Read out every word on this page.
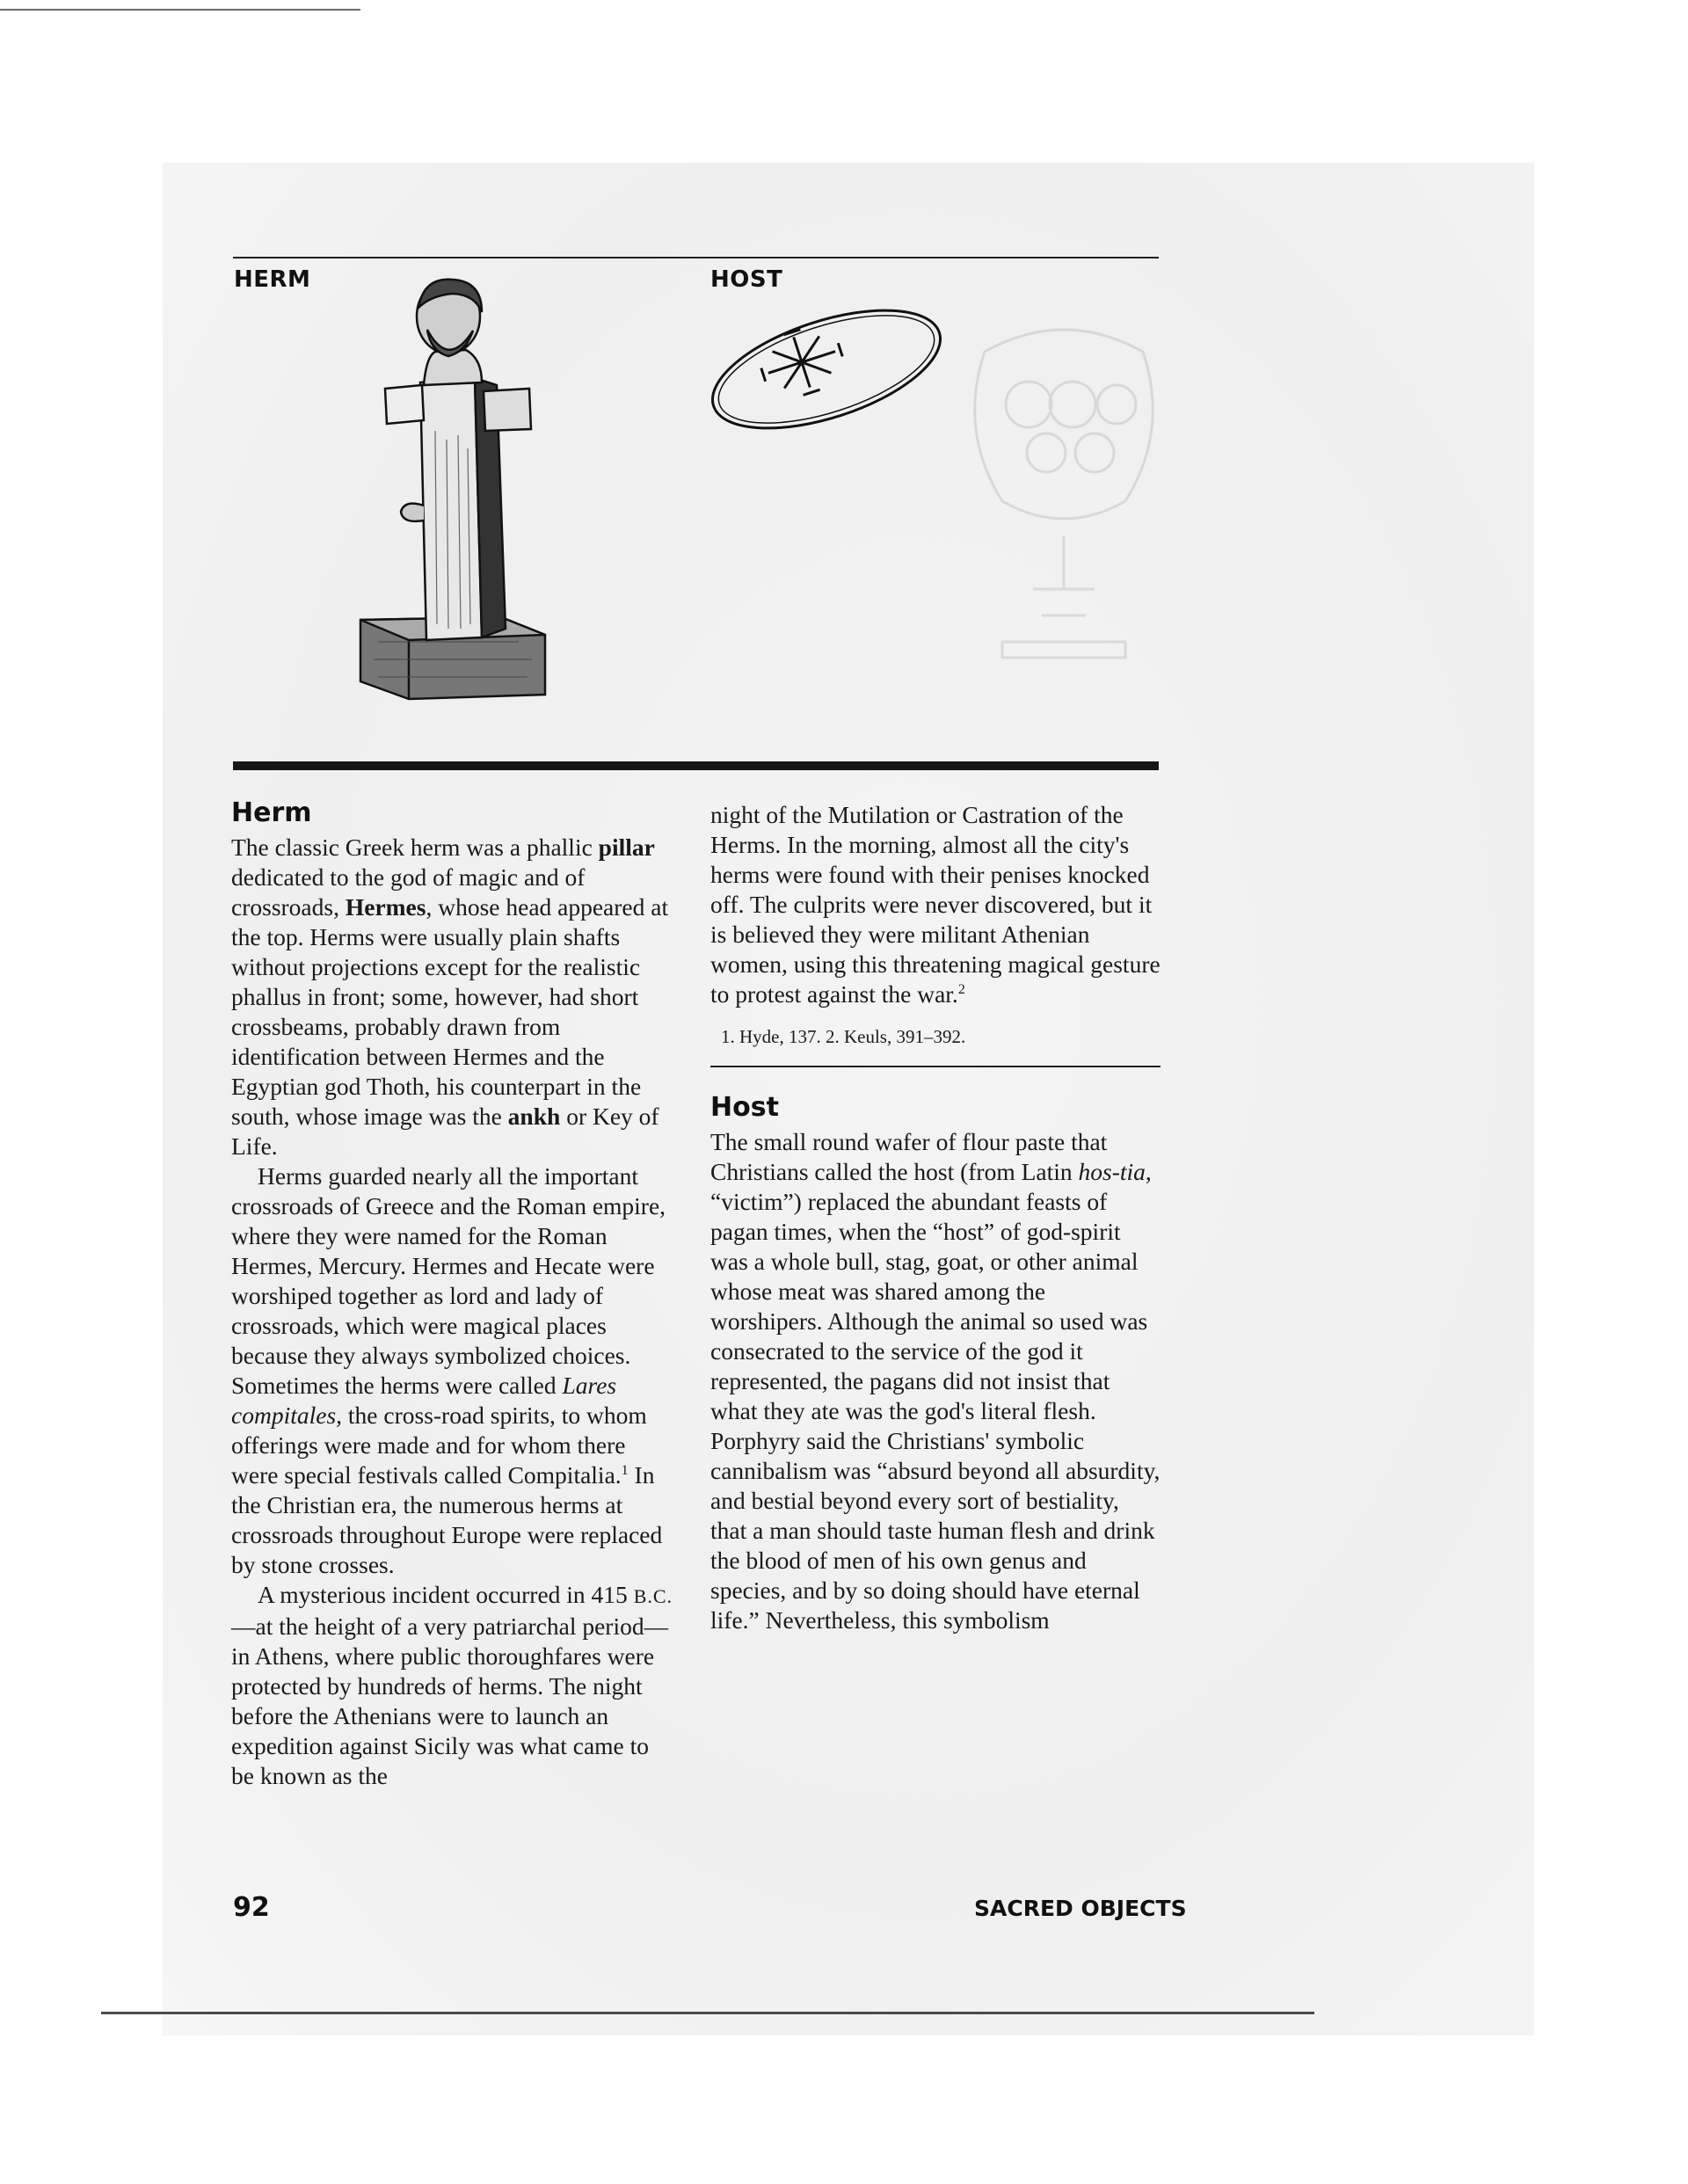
HERM	HOST
Herm

The classic Greek herm was a phallic pillar dedicated to the god of magic and of crossroads, Hermes, whose head appeared at the top. Herms were usually plain shafts without projections except for the realistic phallus in front; some, however, had short crossbeams, probably drawn from identification between Hermes and the Egyptian god Thoth, his counterpart in the south, whose image was the ankh or Key of Life.

Herms guarded nearly all the important crossroads of Greece and the Roman empire, where they were named for the Roman Hermes, Mercury. Hermes and Hecate were worshiped together as lord and lady of crossroads, which were magical places because they always symbolized choices. Sometimes the herms were called Lares compitales, the cross-road spirits, to whom offerings were made and for whom there were special festivals called Compitalia.$^1$ In the Christian era, the numerous herms at crossroads throughout Europe were replaced by stone crosses.

A mysterious incident occurred in 415 B.C.—at the height of a very patriarchal period—in Athens, where public thoroughfares were protected by hundreds of herms. The night before the Athenians were to launch an expedition against Sicily was what came to be known as the

night of the Mutilation or Castration of the Herms. In the morning, almost all the city's herms were found with their penises knocked off. The culprits were never discovered, but it is believed they were militant Athenian women, using this threatening magical gesture to protest against the war.$^2$

1. Hyde, 137. 2. Keuls, 391–392.

Host

The small round wafer of flour paste that Christians called the host (from Latin hos-tia, “victim”) replaced the abundant feasts of pagan times, when the “host” of god-spirit was a whole bull, stag, goat, or other animal whose meat was shared among the worshipers. Although the animal so used was consecrated to the service of the god it represented, the pagans did not insist that what they ate was the god's literal flesh. Porphyry said the Christians' symbolic cannibalism was “absurd beyond all absurdity, and bestial beyond every sort of bestiality, that a man should taste human flesh and drink the blood of men of his own genus and species, and by so doing should have eternal life.” Nevertheless, this symbolism

92	SACRED OBJECTS
